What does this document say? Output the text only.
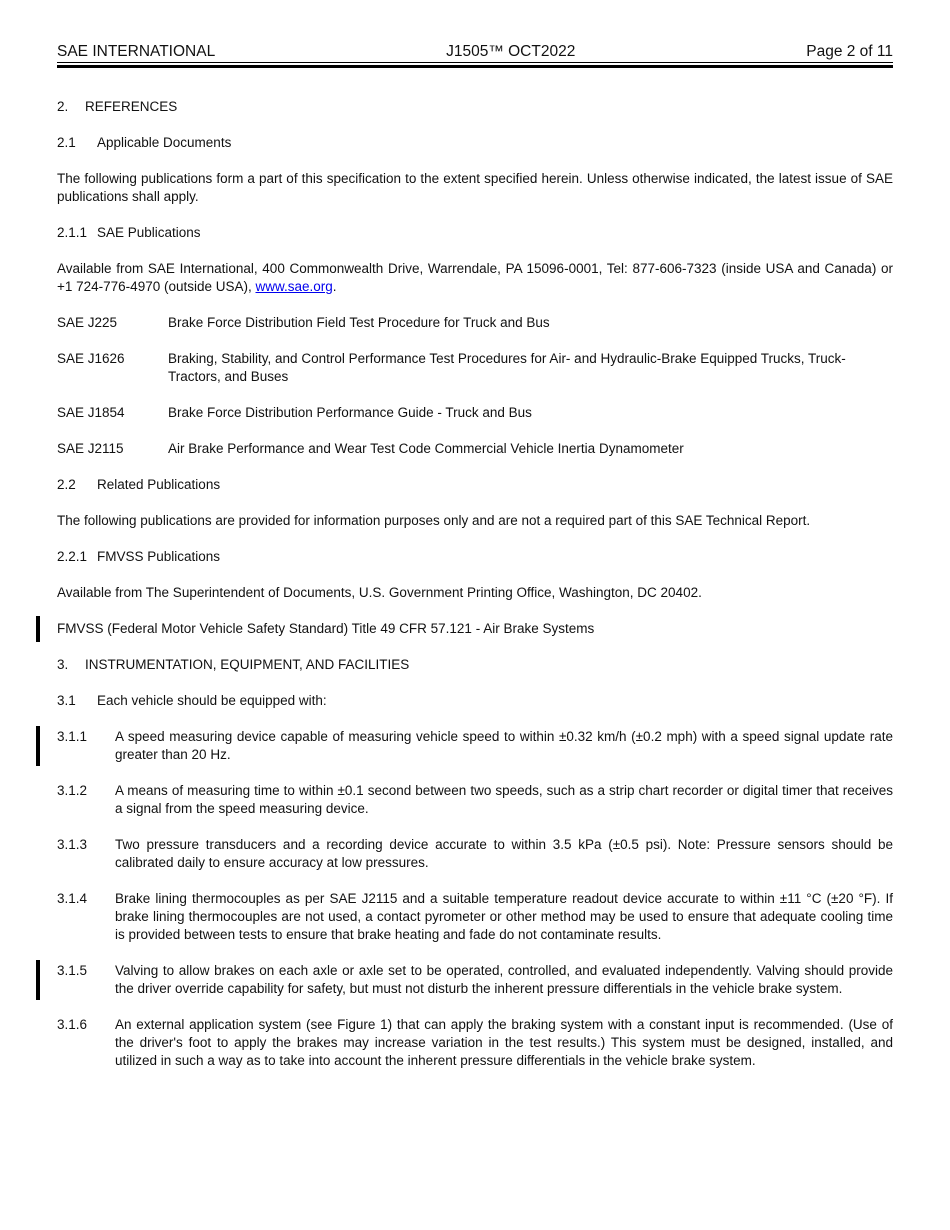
SAE INTERNATIONAL	J1505™ OCT2022	Page 2 of 11
2.	REFERENCES
2.1	Applicable Documents
The following publications form a part of this specification to the extent specified herein. Unless otherwise indicated, the latest issue of SAE publications shall apply.
2.1.1 SAE Publications
Available from SAE International, 400 Commonwealth Drive, Warrendale, PA 15096-0001, Tel: 877-606-7323 (inside USA and Canada) or +1 724-776-4970 (outside USA), www.sae.org.
SAE J225	Brake Force Distribution Field Test Procedure for Truck and Bus
SAE J1626	Braking, Stability, and Control Performance Test Procedures for Air- and Hydraulic-Brake Equipped Trucks, Truck-Tractors, and Buses
SAE J1854	Brake Force Distribution Performance Guide - Truck and Bus
SAE J2115	Air Brake Performance and Wear Test Code Commercial Vehicle Inertia Dynamometer
2.2	Related Publications
The following publications are provided for information purposes only and are not a required part of this SAE Technical Report.
2.2.1 FMVSS Publications
Available from The Superintendent of Documents, U.S. Government Printing Office, Washington, DC 20402.
FMVSS (Federal Motor Vehicle Safety Standard) Title 49 CFR 57.121 - Air Brake Systems
3.	INSTRUMENTATION, EQUIPMENT, AND FACILITIES
3.1	Each vehicle should be equipped with:
3.1.1	A speed measuring device capable of measuring vehicle speed to within ±0.32 km/h (±0.2 mph) with a speed signal update rate greater than 20 Hz.
3.1.2	A means of measuring time to within ±0.1 second between two speeds, such as a strip chart recorder or digital timer that receives a signal from the speed measuring device.
3.1.3	Two pressure transducers and a recording device accurate to within 3.5 kPa (±0.5 psi). Note: Pressure sensors should be calibrated daily to ensure accuracy at low pressures.
3.1.4	Brake lining thermocouples as per SAE J2115 and a suitable temperature readout device accurate to within ±11 °C (±20 °F). If brake lining thermocouples are not used, a contact pyrometer or other method may be used to ensure that adequate cooling time is provided between tests to ensure that brake heating and fade do not contaminate results.
3.1.5	Valving to allow brakes on each axle or axle set to be operated, controlled, and evaluated independently. Valving should provide the driver override capability for safety, but must not disturb the inherent pressure differentials in the vehicle brake system.
3.1.6	An external application system (see Figure 1) that can apply the braking system with a constant input is recommended. (Use of the driver's foot to apply the brakes may increase variation in the test results.) This system must be designed, installed, and utilized in such a way as to take into account the inherent pressure differentials in the vehicle brake system.
